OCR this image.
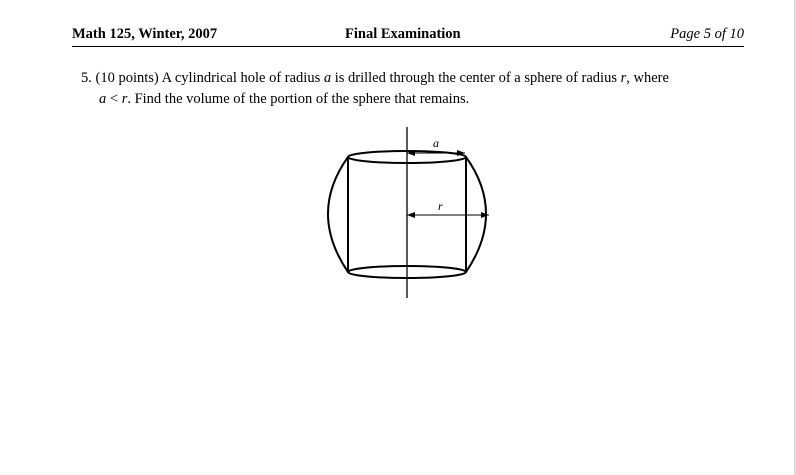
Math 125, Winter, 2007	Final Examination	Page 5 of 10
5. (10 points) A cylindrical hole of radius a is drilled through the center of a sphere of radius r, where
a < r. Find the volume of the portion of the sphere that remains.
a
r
